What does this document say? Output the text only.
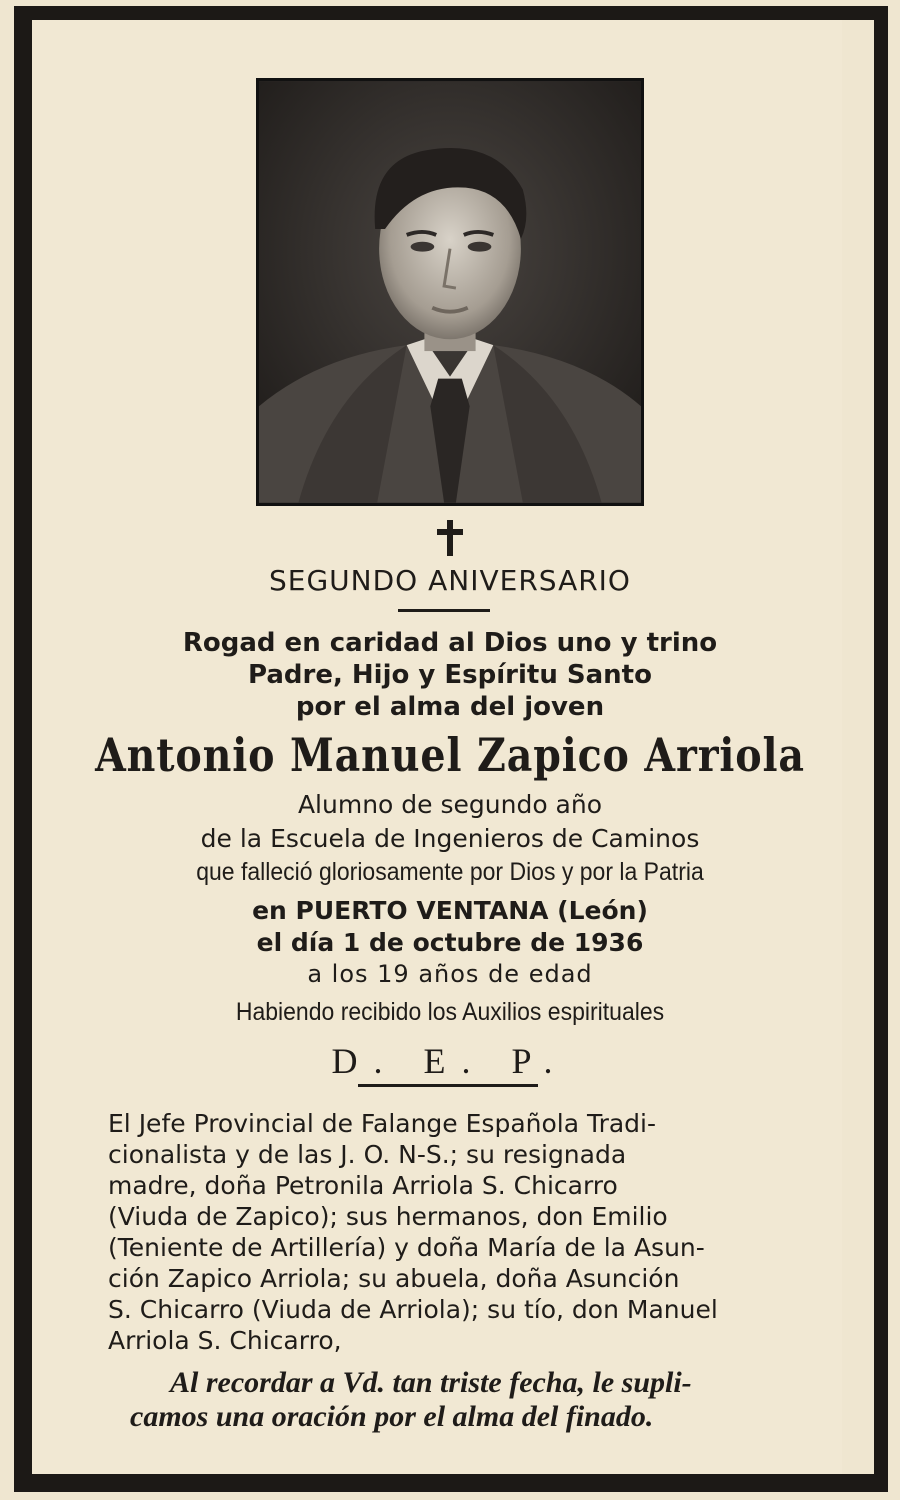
SEGUNDO ANIVERSARIO
Rogad en caridad al Dios uno y trino
Padre, Hijo y Espíritu Santo
por el alma del joven
Antonio Manuel Zapico Arriola
Alumno de segundo año
de la Escuela de Ingenieros de Caminos
que falleció gloriosamente por Dios y por la Patria
en PUERTO VENTANA (León)
el día 1 de octubre de 1936
a los 19 años de edad
Habiendo recibido los Auxilios espirituales
D. E. P.
El Jefe Provincial de Falange Española Tradi-
cionalista y de las J. O. N-S.; su resignada
madre, doña Petronila Arriola S. Chicarro
(Viuda de Zapico); sus hermanos, don Emilio
(Teniente de Artillería) y doña María de la Asun-
ción Zapico Arriola; su abuela, doña Asunción
S. Chicarro (Viuda de Arriola); su tío, don Manuel
Arriola S. Chicarro,
Al recordar a Vd. tan triste fecha, le supli-
camos una oración por el alma del finado.
